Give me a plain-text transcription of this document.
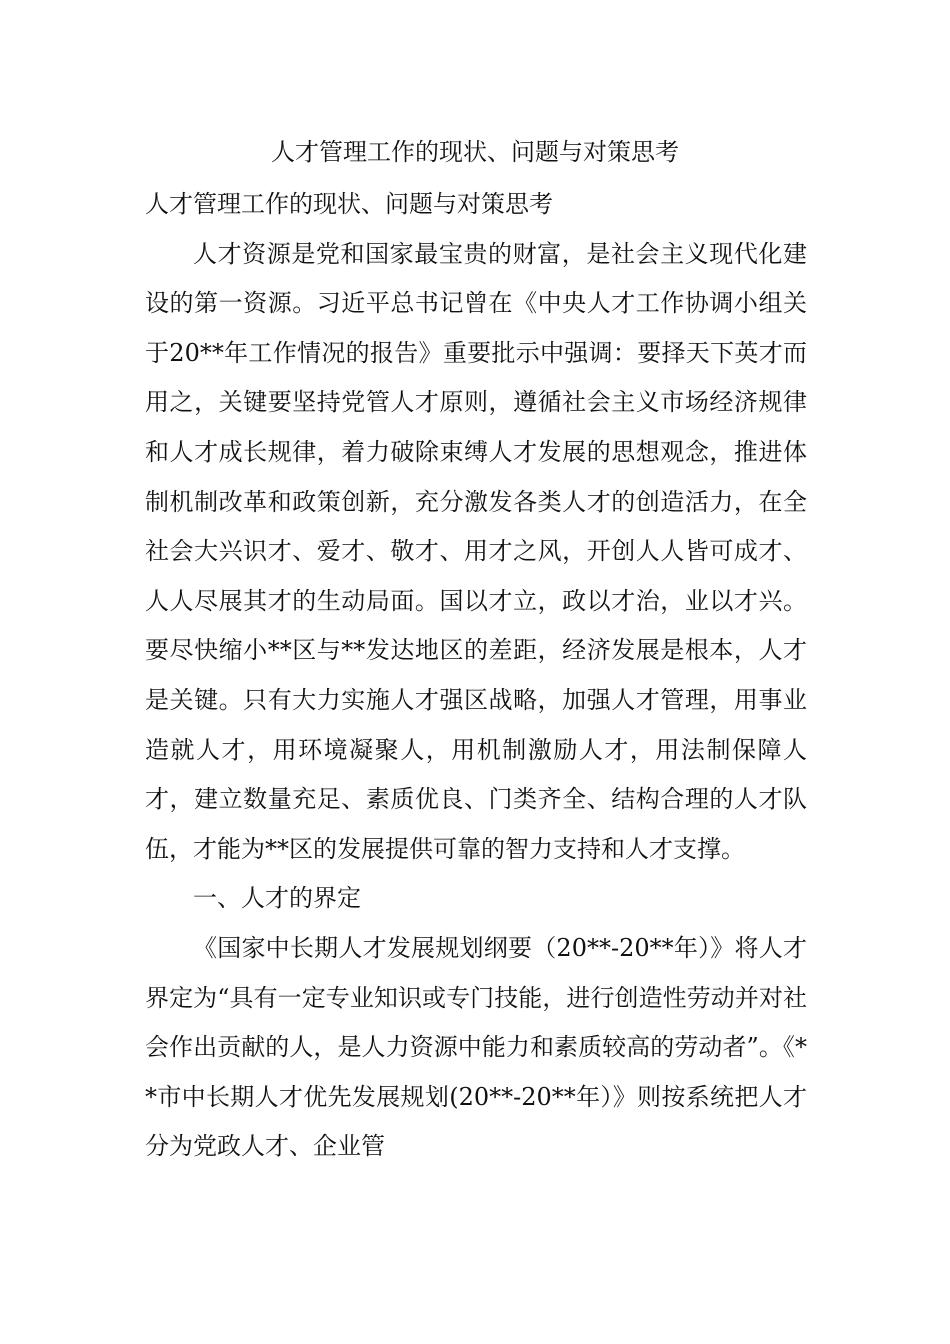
人才管理工作的现状、问题与对策思考

人才管理工作的现状、问题与对策思考

人才资源是党和国家最宝贵的财富，是社会主义现代化建设的第一资源。习近平总书记曾在《中央人才工作协调小组关于20**年工作情况的报告》重要批示中强调：要择天下英才而用之，关键要坚持党管人才原则，遵循社会主义市场经济规律和人才成长规律，着力破除束缚人才发展的思想观念，推进体制机制改革和政策创新，充分激发各类人才的创造活力，在全社会大兴识才、爱才、敬才、用才之风，开创人人皆可成才、人人尽展其才的生动局面。国以才立，政以才治，业以才兴。要尽快缩小**区与**发达地区的差距，经济发展是根本，人才是关键。只有大力实施人才强区战略，加强人才管理，用事业造就人才，用环境凝聚人，用机制激励人才，用法制保障人才，建立数量充足、素质优良、门类齐全、结构合理的人才队伍，才能为**区的发展提供可靠的智力支持和人才支撑。

一、人才的界定

《国家中长期人才发展规划纲要（20**-20**年）》将人才界定为“具有一定专业知识或专门技能，进行创造性劳动并对社会作出贡献的人，是人力资源中能力和素质较高的劳动者”。《**市中长期人才优先发展规划(20**-20**年）》则按系统把人才分为党政人才、企业管
